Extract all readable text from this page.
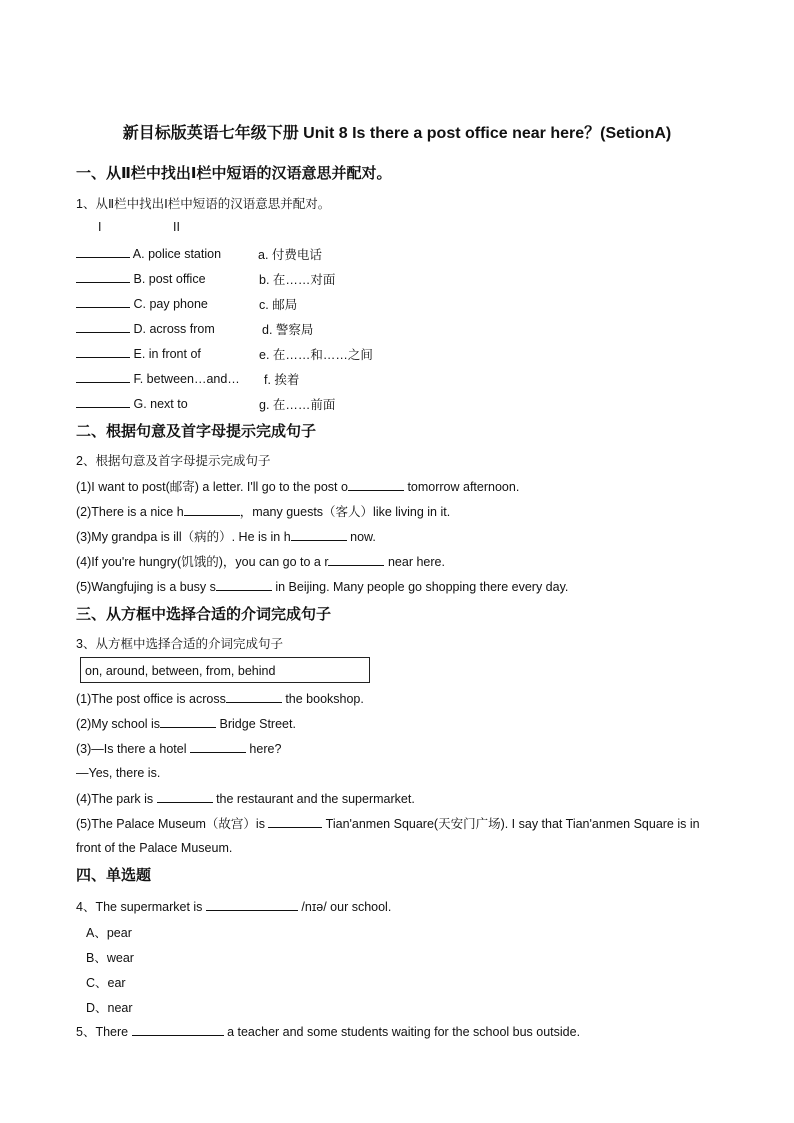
新目标版英语七年级下册 Unit 8 Is there a post office near here？(SetionA)
一、从Ⅱ栏中找出Ⅰ栏中短语的汉语意思并配对。
1、从Ⅱ栏中找出Ⅰ栏中短语的汉语意思并配对。
I	II
A. police station	a. 付费电话
B. post office	b. 在……对面
C. pay phone	c. 邮局
D. across from	d. 警察局
E. in front of	e. 在……和……之间
F. between…and… f. 挨着
G. next to	g. 在……前面
二、根据句意及首字母提示完成句子
2、根据句意及首字母提示完成句子
(1)I want to post(邮寄) a letter. I'll go to the post o	tomorrow afternoon.
(2)There is a nice h	，many guests（客人）like living in it.
(3)My grandpa is ill（病的）. He is in h	now.
(4)If you're hungry(饥饿的)，you can go to a r	near here.
(5)Wangfujing is a busy s	in Beijing. Many people go shopping there every day.
三、从方框中选择合适的介词完成句子
3、从方框中选择合适的介词完成句子
on, around, between, from, behind
(1)The post office is across	the bookshop.
(2)My school is	Bridge Street.
(3)—Is there a hotel	here?
—Yes, there is.
(4)The park is	the restaurant and the supermarket.
(5)The Palace Museum（故宫）is	Tian'anmen Square(天安门广场). I say that Tian'anmen Square is in
front of the Palace Museum.
四、单选题
4、The supermarket is	/nɪə/ our school.
A、pear
B、wear
C、ear
D、near
5、There	a teacher and some students waiting for the school bus outside.
